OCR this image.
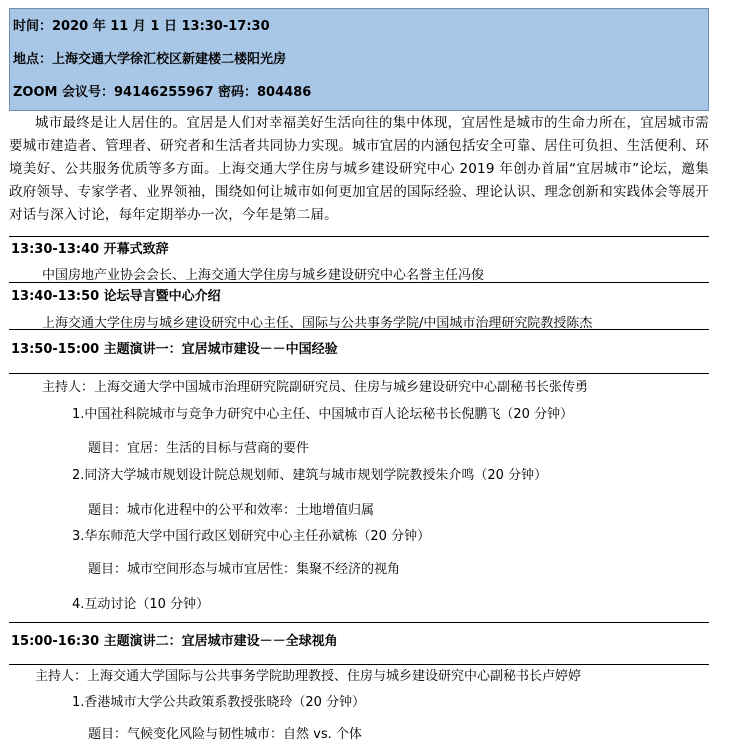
时间：2020 年 11 月 1 日 13:30-17:30
地点：上海交通大学徐汇校区新建楼二楼阳光房
ZOOM 会议号：94146255967 密码：804486

城市最终是让人居住的。宜居是人们对幸福美好生活向往的集中体现，宜居性是城市的生命力所在，宜居城市需要城市建造者、管理者、研究者和生活者共同协力实现。城市宜居的内涵包括安全可靠、居住可负担、生活便利、环境美好、公共服务优质等多方面。上海交通大学住房与城乡建设研究中心 2019 年创办首届“宜居城市”论坛，邀集政府领导、专家学者、业界领袖，围绕如何让城市如何更加宜居的国际经验、理论认识、理念创新和实践体会等展开对话与深入讨论，每年定期举办一次，今年是第二届。

13:30-13:40 开幕式致辞
中国房地产业协会会长、上海交通大学住房与城乡建设研究中心名誉主任冯俊
13:40-13:50 论坛导言暨中心介绍
上海交通大学住房与城乡建设研究中心主任、国际与公共事务学院/中国城市治理研究院教授陈杰
13:50-15:00 主题演讲一：宜居城市建设－－中国经验
主持人：上海交通大学中国城市治理研究院副研究员、住房与城乡建设研究中心副秘书长张传勇
1.中国社科院城市与竞争力研究中心主任、中国城市百人论坛秘书长倪鹏飞（20 分钟）
题目：宜居：生活的目标与营商的要件
2.同济大学城市规划设计院总规划师、建筑与城市规划学院教授朱介鸣（20 分钟）
题目：城市化进程中的公平和效率：土地增值归属
3.华东师范大学中国行政区划研究中心主任孙斌栋（20 分钟）
题目：城市空间形态与城市宜居性：集聚不经济的视角
4.互动讨论（10 分钟）
15:00-16:30 主题演讲二：宜居城市建设－－全球视角
主持人：上海交通大学国际与公共事务学院助理教授、住房与城乡建设研究中心副秘书长卢婷婷
1.香港城市大学公共政策系教授张晓玲（20 分钟）
题目：气候变化风险与韧性城市：自然 vs. 个体
